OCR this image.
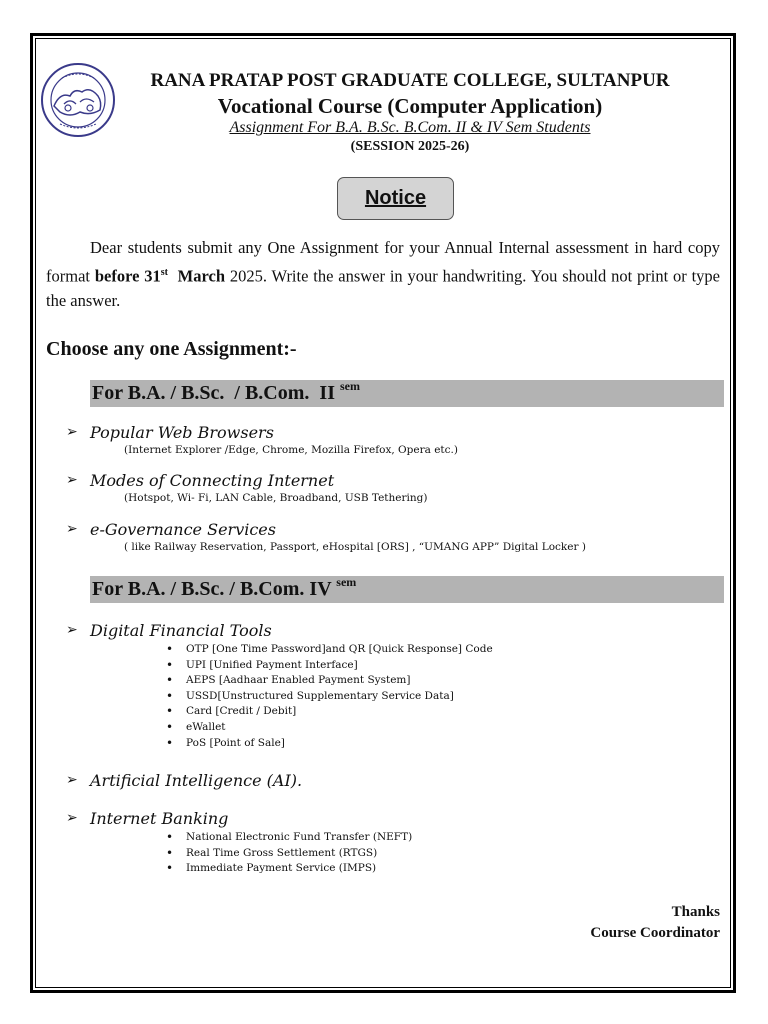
RANA PRATAP POST GRADUATE COLLEGE, SULTANPUR
Vocational Course (Computer Application)
Assignment For B.A. B.Sc. B.Com. II & IV Sem Students
(SESSION 2025-26)
Notice
Dear students submit any One Assignment for your Annual Internal assessment in hard copy format before 31st March 2025. Write the answer in your handwriting. You should not print or type the answer.
Choose any one Assignment:-
For B.A. / B.Sc.  / B.Com.  II $^{sem}$
➢ Popular Web Browsers
(Internet Explorer /Edge, Chrome, Mozilla Firefox, Opera etc.)
➢ Modes of Connecting Internet
(Hotspot, Wi- Fi, LAN Cable, Broadband, USB Tethering)
➢ e-Governance Services
( like Railway Reservation, Passport, eHospital [ORS] , “UMANG APP” Digital Locker )
For B.A. / B.Sc. / B.Com. IV $^{sem}$
➢ Digital Financial Tools
• OTP [One Time Password]and QR [Quick Response] Code
• UPI [Unified Payment Interface]
• AEPS [Aadhaar Enabled Payment System]
• USSD[Unstructured Supplementary Service Data]
• Card [Credit / Debit]
• eWallet
• PoS [Point of Sale]
➢ Artificial Intelligence (AI).
➢ Internet Banking
• National Electronic Fund Transfer (NEFT)
• Real Time Gross Settlement (RTGS)
• Immediate Payment Service (IMPS)
Thanks
Course Coordinator
